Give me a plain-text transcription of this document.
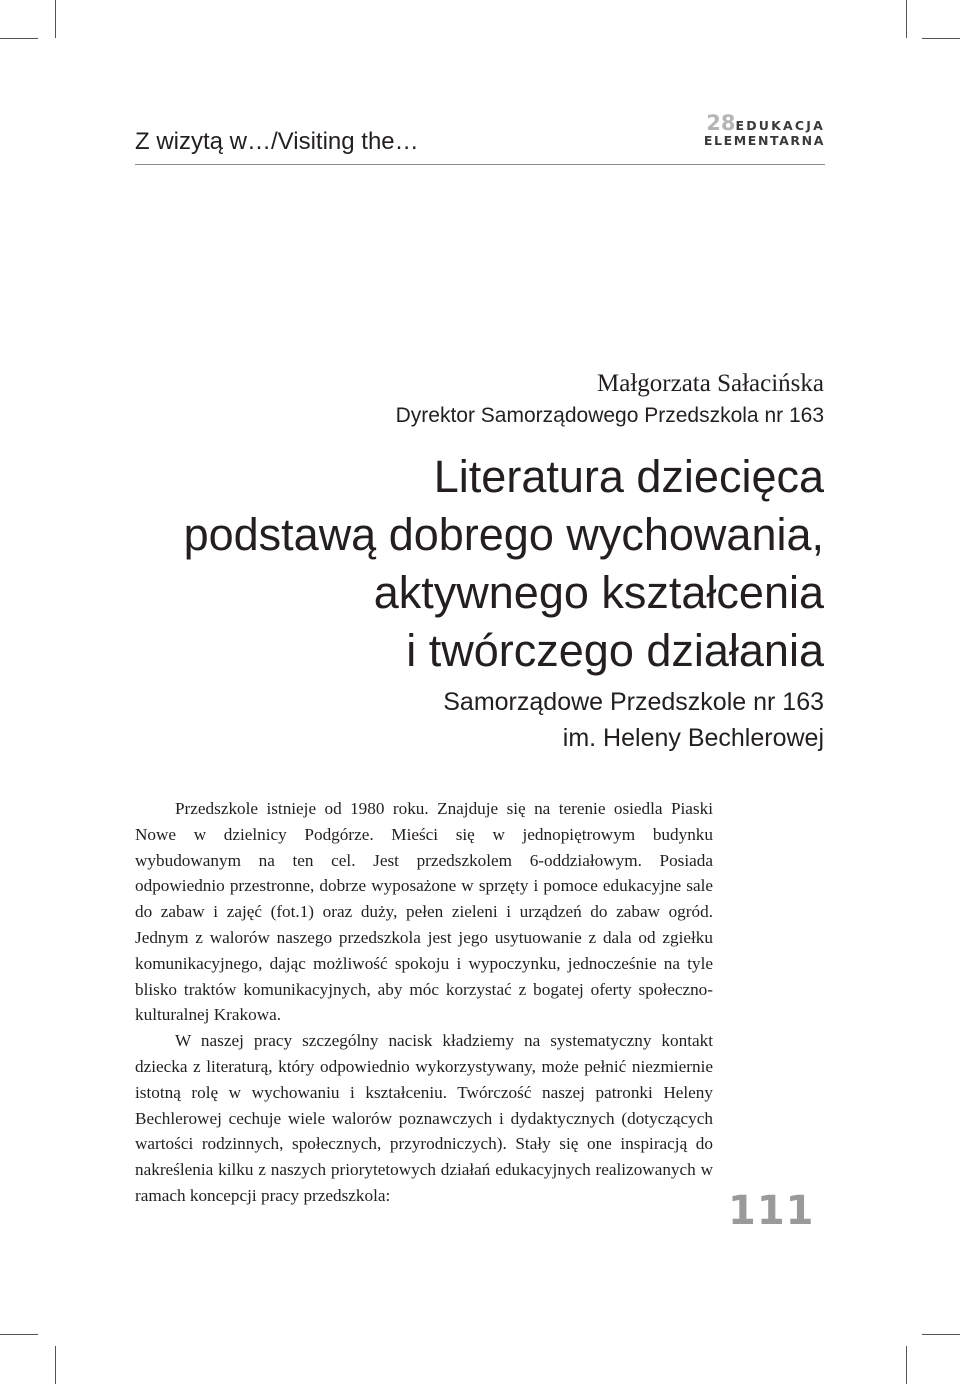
Z wizytą w…/Visiting the…
28EDUKACJA
ELEMENTARNA
Małgorzata Sałacińska
Dyrektor Samorządowego Przedszkola nr 163
Literatura dziecięca
podstawą dobrego wychowania,
aktywnego kształcenia
i twórczego działania
Samorządowe Przedszkole nr 163
im. Heleny Bechlerowej

Przedszkole istnieje od 1980 roku. Znajduje się na terenie osiedla Piaski Nowe w dzielnicy Podgórze. Mieści się w jednopiętrowym budynku wybudowanym na ten cel. Jest przedszkolem 6-oddziałowym. Posiada odpowiednio przestronne, dobrze wyposażone w sprzęty i pomoce edukacyjne sale do zabaw i zajęć (fot.1) oraz duży, pełen zieleni i urządzeń do zabaw ogród. Jednym z walorów naszego przedszkola jest jego usytuowanie z dala od zgiełku komunikacyjnego, dając możliwość spokoju i wypoczynku, jednocześnie na tyle blisko traktów komunikacyjnych, aby móc korzystać z bogatej oferty społeczno-kulturalnej Krakowa.

W naszej pracy szczególny nacisk kładziemy na systematyczny kontakt dziecka z literaturą, który odpowiednio wykorzystywany, może pełnić niezmiernie istotną rolę w wychowaniu i kształceniu. Twórczość naszej patronki Heleny Bechlerowej cechuje wiele walorów poznawczych i dydaktycznych (dotyczących wartości rodzinnych, społecznych, przyrodniczych). Stały się one inspiracją do nakreślenia kilku z naszych priorytetowych działań edukacyjnych realizowanych w ramach koncepcji pracy przedszkola:	111
